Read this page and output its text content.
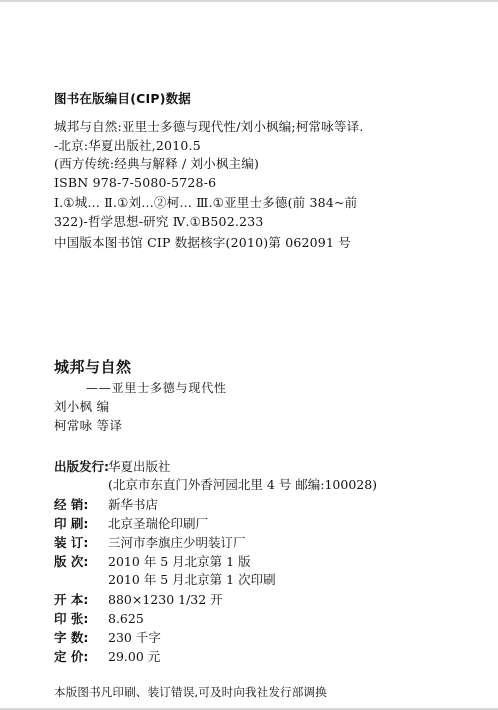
图书在版编目(CIP)数据
城邦与自然:亚里士多德与现代性/刘小枫编;柯常咏等译.
-北京:华夏出版社,2010.5
(西方传统:经典与解释 / 刘小枫主编)
ISBN 978-7-5080-5728-6
Ⅰ.①城… Ⅱ.①刘…②柯… Ⅲ.①亚里士多德(前 384~前
322)-哲学思想-研究 Ⅳ.①B502.233
中国版本图书馆 CIP 数据核字(2010)第 062091 号
城邦与自然
——亚里士多德与现代性
刘小枫 编
柯常咏 等译
出版发行: 华夏出版社
(北京市东直门外香河园北里 4 号 邮编:100028)
经 销: 新华书店
印 刷: 北京圣瑞伦印刷厂
装 订: 三河市李旗庄少明装订厂
版 次: 2010 年 5 月北京第 1 版
2010 年 5 月北京第 1 次印刷
开 本: 880×1230 1/32 开
印 张: 8.625
字 数: 230 千字
定 价: 29.00 元
本版图书凡印刷、装订错误,可及时向我社发行部调换
